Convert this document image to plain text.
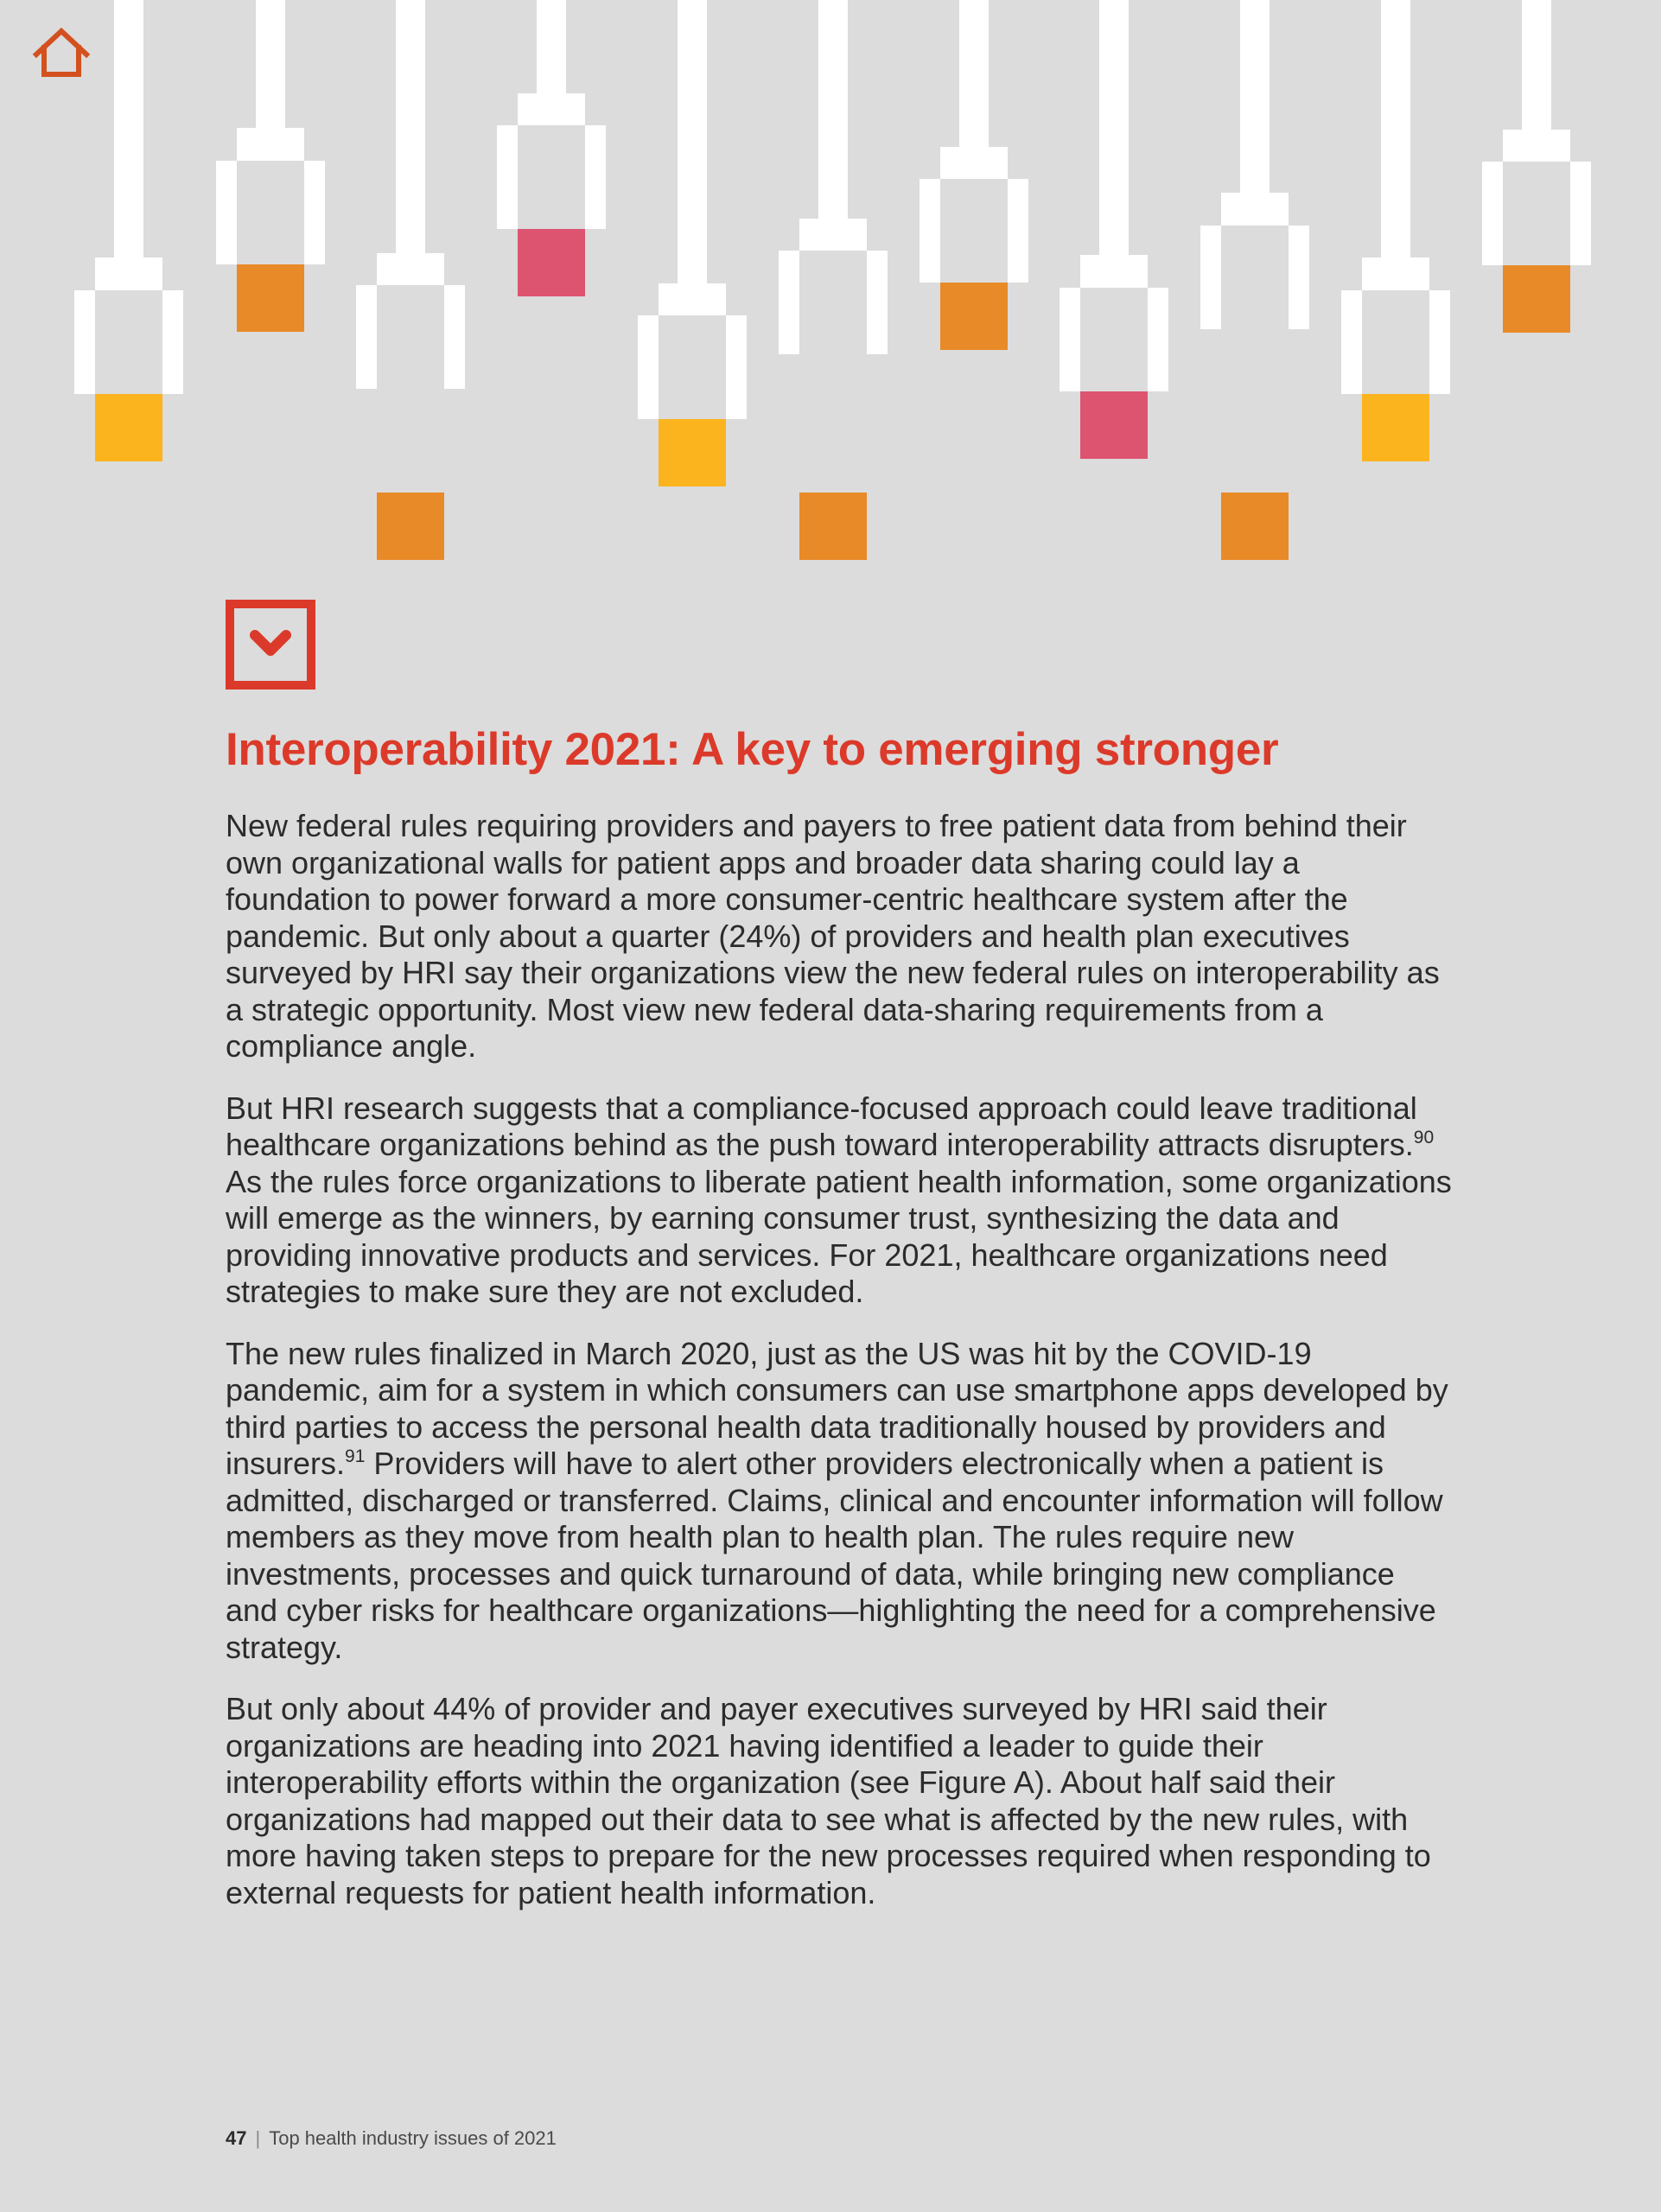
Interoperability 2021: A key to emerging stronger

New federal rules requiring providers and payers to free patient data from behind their own organizational walls for patient apps and broader data sharing could lay a foundation to power forward a more consumer-centric healthcare system after the pandemic. But only about a quarter (24%) of providers and health plan executives surveyed by HRI say their organizations view the new federal rules on interoperability as a strategic opportunity. Most view new federal data-sharing requirements from a compliance angle.

But HRI research suggests that a compliance-focused approach could leave traditional healthcare organizations behind as the push toward interoperability attracts disrupters.$^{90}$ As the rules force organizations to liberate patient health information, some organizations will emerge as the winners, by earning consumer trust, synthesizing the data and providing innovative products and services. For 2021, healthcare organizations need strategies to make sure they are not excluded.

The new rules finalized in March 2020, just as the US was hit by the COVID-19 pandemic, aim for a system in which consumers can use smartphone apps developed by third parties to access the personal health data traditionally housed by providers and insurers.$^{91}$ Providers will have to alert other providers electronically when a patient is admitted, discharged or transferred. Claims, clinical and encounter information will follow members as they move from health plan to health plan. The rules require new investments, processes and quick turnaround of data, while bringing new compliance and cyber risks for healthcare organizations—highlighting the need for a comprehensive strategy.

But only about 44% of provider and payer executives surveyed by HRI said their organizations are heading into 2021 having identified a leader to guide their interoperability efforts within the organization (see Figure A). About half said their organizations had mapped out their data to see what is affected by the new rules, with more having taken steps to prepare for the new processes required when responding to external requests for patient health information.

47 | Top health industry issues of 2021
